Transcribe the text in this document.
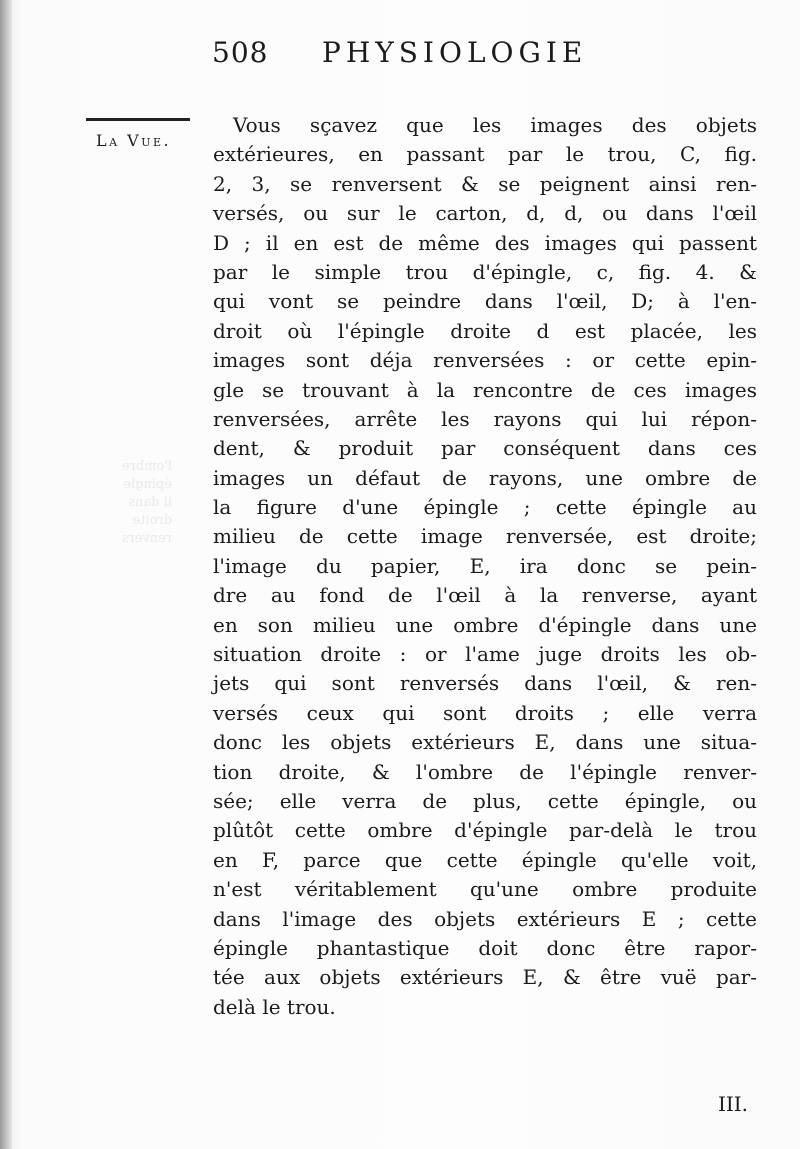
508 PHYSIOLOGIE
La Vue.
l'ombre
épingle
il dans
droite
renvers
Vous sçavez que les images des objets
extérieures, en passant par le trou, C, fig.
2, 3, se renversent & se peignent ainsi ren-
versés, ou sur le carton, d, d, ou dans l'œil
D ; il en est de même des images qui passent
par le simple trou d'épingle, c, fig. 4. &
qui vont se peindre dans l'œil, D; à l'en-
droit où l'épingle droite d est placée, les
images sont déja renversées : or cette epin-
gle se trouvant à la rencontre de ces images
renversées, arrête les rayons qui lui répon-
dent, & produit par conséquent dans ces
images un défaut de rayons, une ombre de
la figure d'une épingle ; cette épingle au
milieu de cette image renversée, est droite;
l'image du papier, E, ira donc se pein-
dre au fond de l'œil à la renverse, ayant
en son milieu une ombre d'épingle dans une
situation droite : or l'ame juge droits les ob-
jets qui sont renversés dans l'œil, & ren-
versés ceux qui sont droits ; elle verra
donc les objets extérieurs E, dans une situa-
tion droite, & l'ombre de l'épingle renver-
sée; elle verra de plus, cette épingle, ou
plûtôt cette ombre d'épingle par-delà le trou
en F, parce que cette épingle qu'elle voit,
n'est véritablement qu'une ombre produite
dans l'image des objets extérieurs E ; cette
épingle phantastique doit donc être rapor-
tée aux objets extérieurs E, & être vuë par-
delà le trou.
III.
